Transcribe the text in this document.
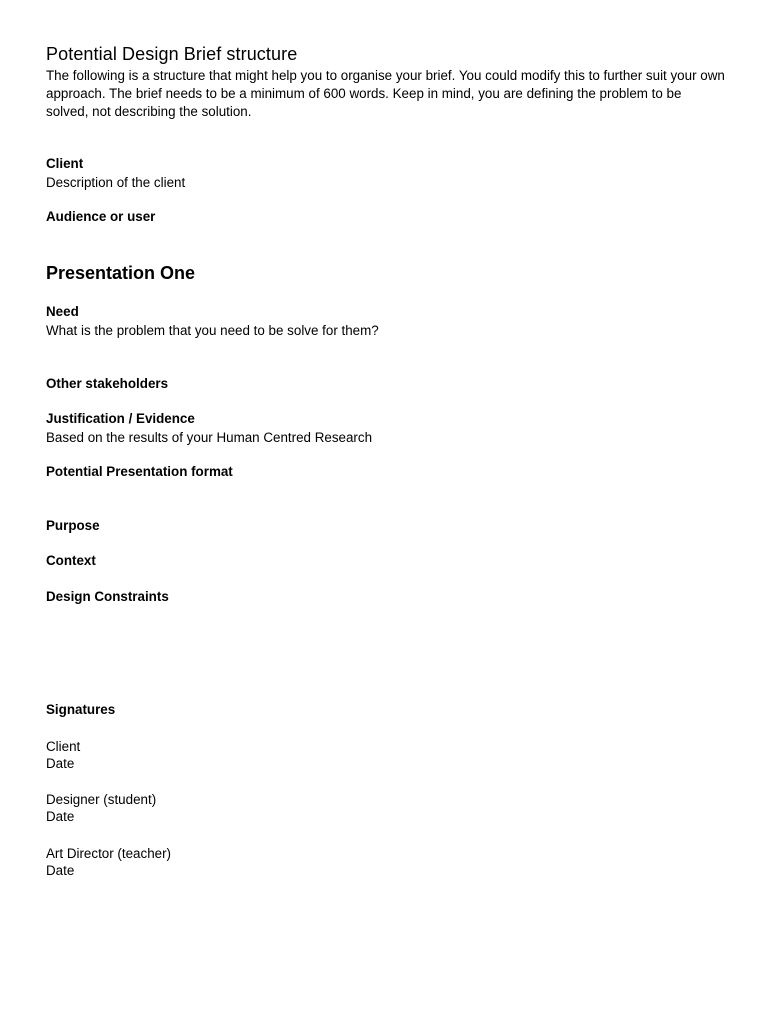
Potential Design Brief structure
The following is a structure that might help you to organise your brief. You could modify this to further suit your own approach. The brief needs to be a minimum of 600 words. Keep in mind, you are defining the problem to be solved, not describing the solution.
Client
Description of the client
Audience or user
Presentation One
Need
What is the problem that you need to be solve for them?
Other stakeholders
Justification / Evidence
Based on the results of your Human Centred Research
Potential Presentation format
Purpose
Context
Design Constraints
Signatures
Client
Date
Designer (student)
Date
Art Director (teacher)
Date
